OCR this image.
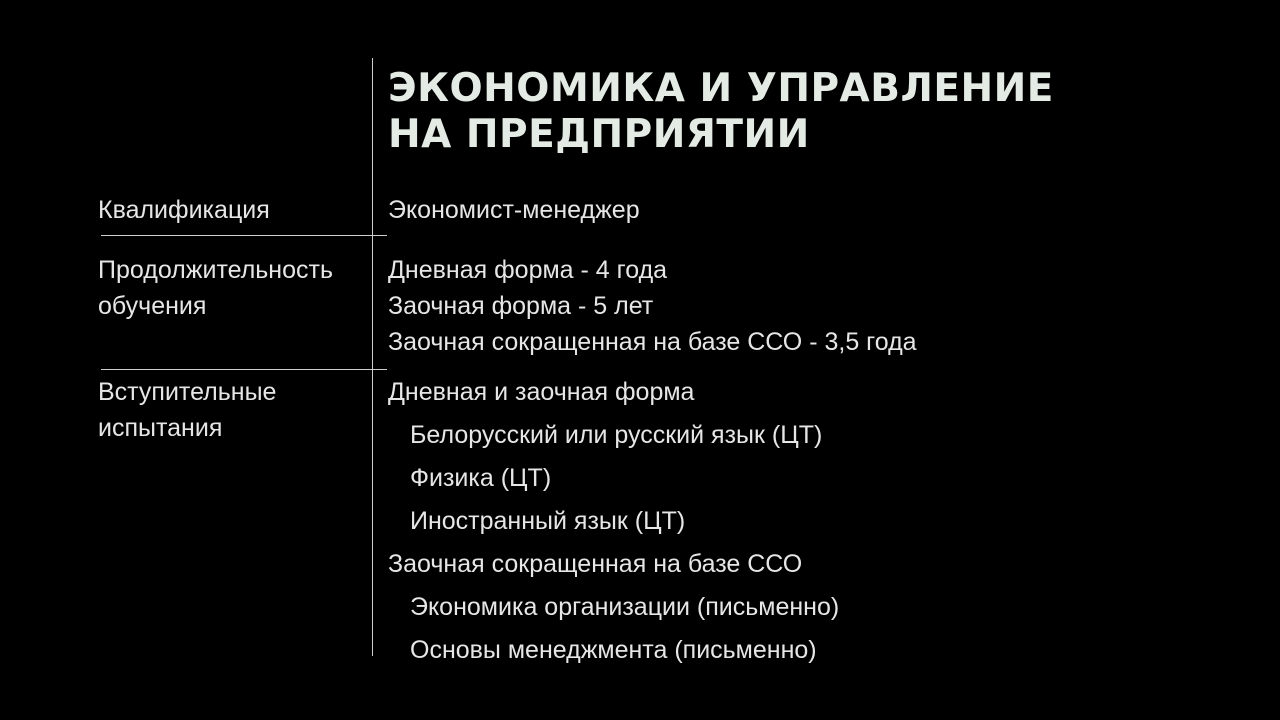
ЭКОНОМИКА И УПРАВЛЕНИЕ
НА ПРЕДПРИЯТИИ
Квалификация	Экономист-менеджер
Продолжительность
обучения
Дневная форма - 4 года
Заочная форма - 5 лет
Заочная сокращенная на базе ССО - 3,5 года
Вступительные
испытания
Дневная и заочная форма
Белорусский или русский язык (ЦТ)
Физика (ЦТ)
Иностранный язык (ЦТ)
Заочная сокращенная на базе ССО
Экономика организации (письменно)
Основы менеджмента (письменно)
